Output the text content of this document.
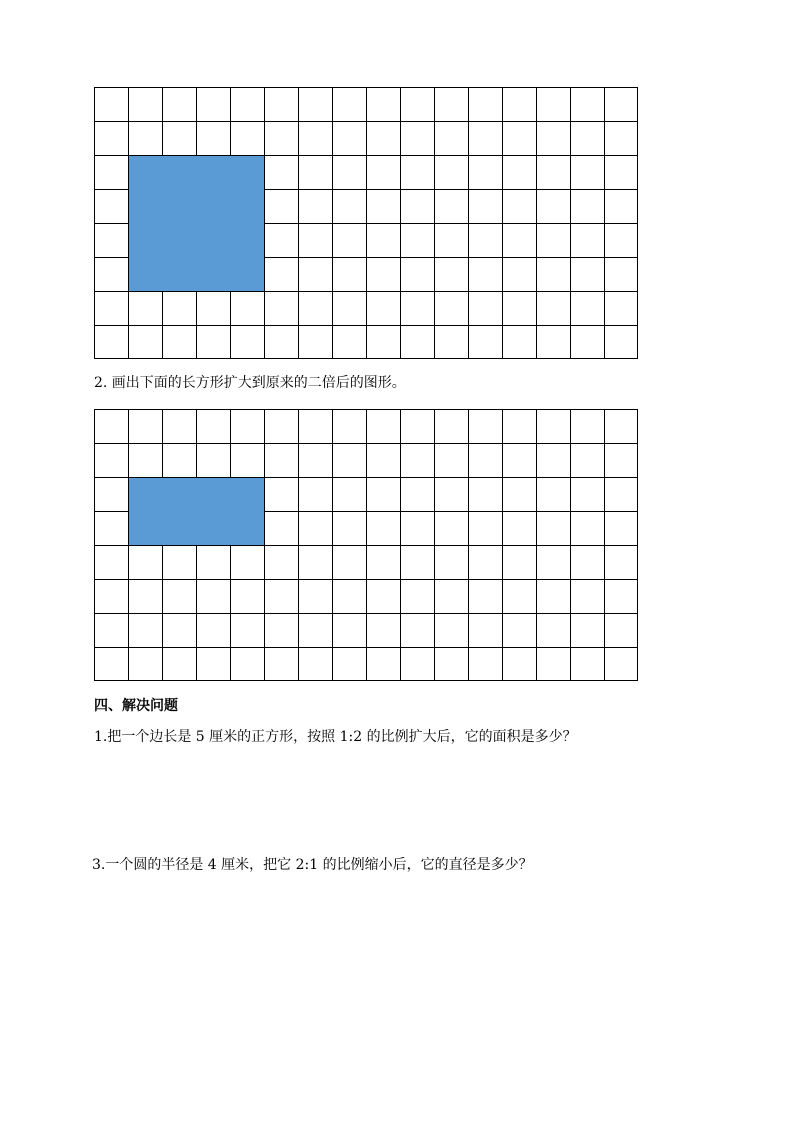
2. 画出下面的长方形扩大到原来的二倍后的图形。
四、解决问题
1.把一个边长是 5 厘米的正方形，按照 1:2 的比例扩大后，它的面积是多少？
3.一个圆的半径是 4 厘米，把它 2:1 的比例缩小后，它的直径是多少？
